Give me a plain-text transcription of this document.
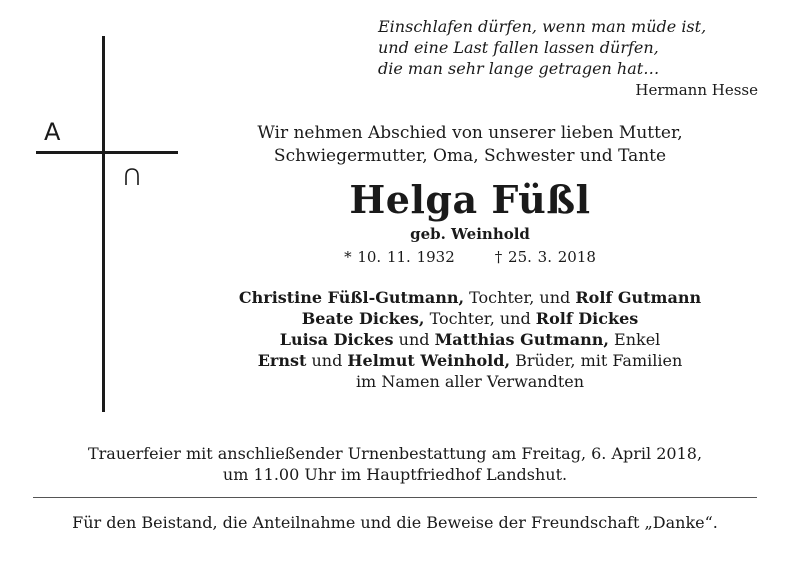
A
Einschlafen dürfen, wenn man müde ist,
und eine Last fallen lassen dürfen,
die man sehr lange getragen hat…
Hermann Hesse
Wir nehmen Abschied von unserer lieben Mutter,
Schwiegermutter, Oma, Schwester und Tante
Helga Füßl
geb. Weinhold
* 10. 11. 1932	† 25. 3. 2018
Christine Füßl-Gutmann, Tochter, und Rolf Gutmann
Beate Dickes, Tochter, und Rolf Dickes
Luisa Dickes und Matthias Gutmann, Enkel
Ernst und Helmut Weinhold, Brüder, mit Familien
im Namen aller Verwandten
Trauerfeier mit anschließender Urnenbestattung am Freitag, 6. April 2018,
um 11.00 Uhr im Hauptfriedhof Landshut.
Für den Beistand, die Anteilnahme und die Beweise der Freundschaft „Danke“.
